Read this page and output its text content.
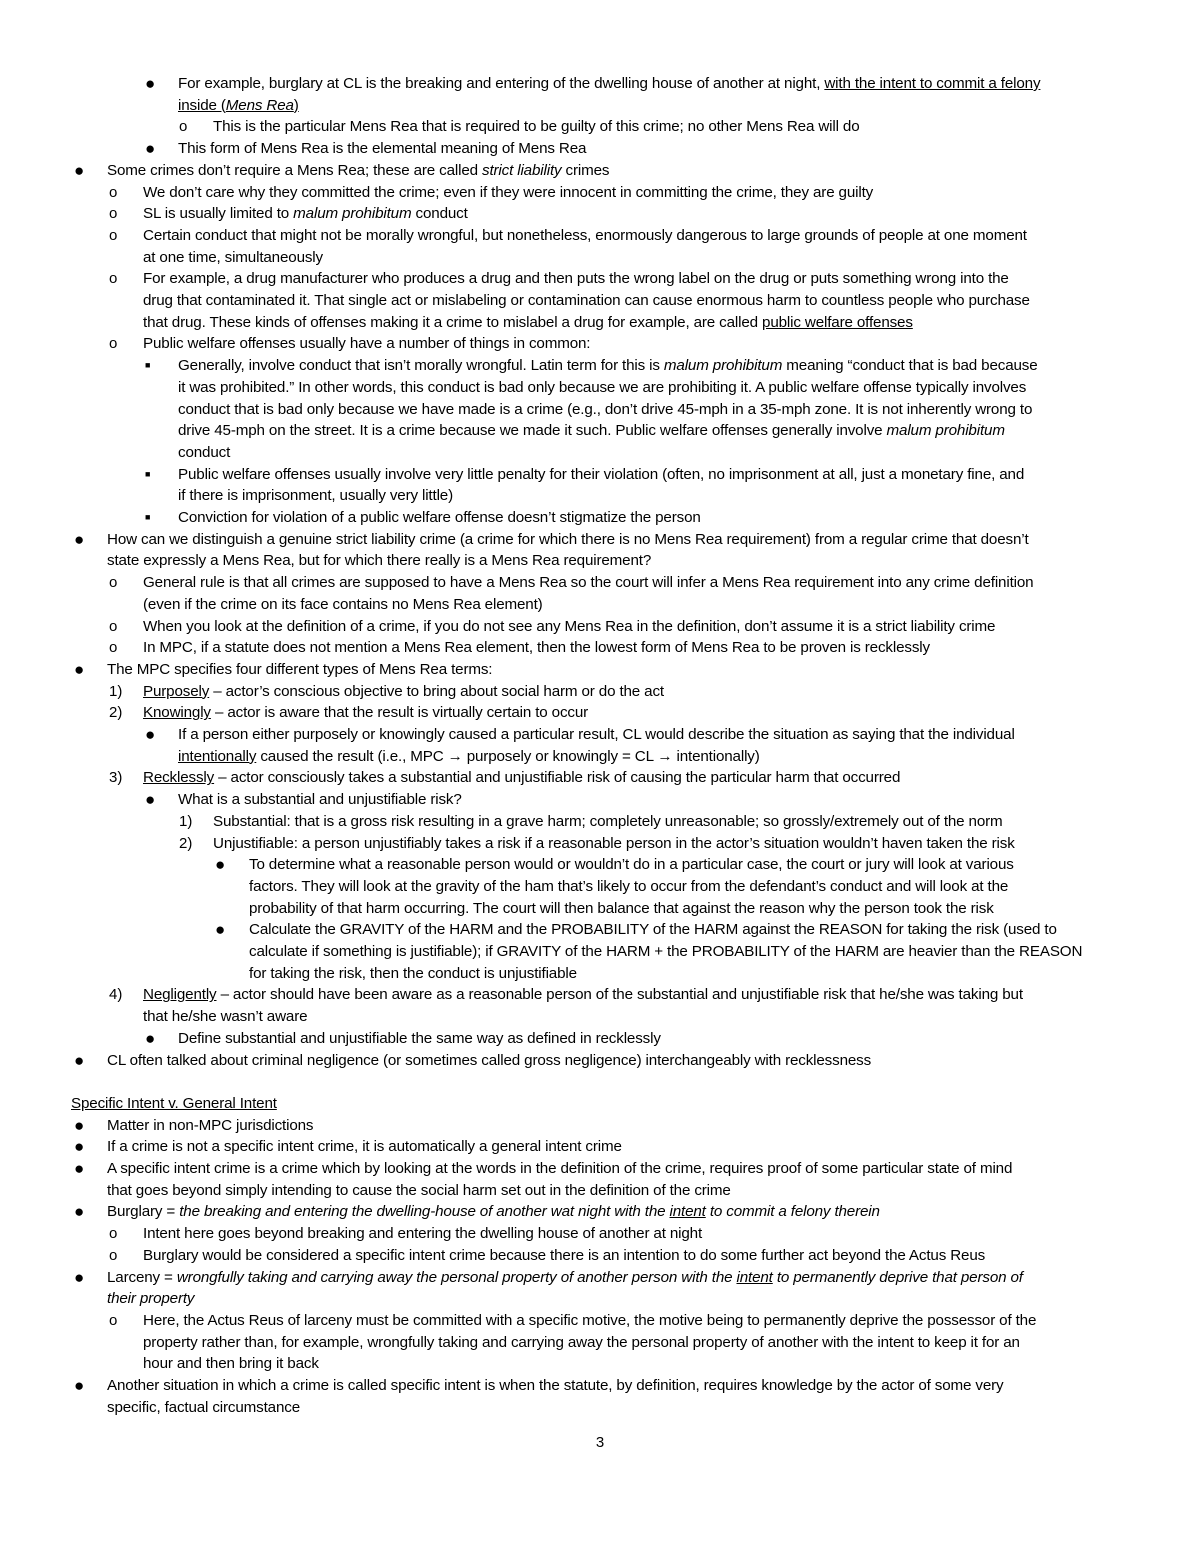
● For example, burglary at CL is the breaking and entering of the dwelling house of another at night, with the intent to commit a felony
inside (Mens Rea)
o This is the particular Mens Rea that is required to be guilty of this crime; no other Mens Rea will do
● This form of Mens Rea is the elemental meaning of Mens Rea
● Some crimes don’t require a Mens Rea; these are called strict liability crimes
o We don’t care why they committed the crime; even if they were innocent in committing the crime, they are guilty
o SL is usually limited to malum prohibitum conduct
o Certain conduct that might not be morally wrongful, but nonetheless, enormously dangerous to large grounds of people at one moment
at one time, simultaneously
o For example, a drug manufacturer who produces a drug and then puts the wrong label on the drug or puts something wrong into the
drug that contaminated it. That single act or mislabeling or contamination can cause enormous harm to countless people who purchase
that drug. These kinds of offenses making it a crime to mislabel a drug for example, are called public welfare offenses
o Public welfare offenses usually have a number of things in common:
■ Generally, involve conduct that isn’t morally wrongful. Latin term for this is malum prohibitum meaning “conduct that is bad because
it was prohibited.” In other words, this conduct is bad only because we are prohibiting it. A public welfare offense typically involves
conduct that is bad only because we have made is a crime (e.g., don’t drive 45-mph in a 35-mph zone. It is not inherently wrong to
drive 45-mph on the street. It is a crime because we made it such. Public welfare offenses generally involve malum prohibitum
conduct
■ Public welfare offenses usually involve very little penalty for their violation (often, no imprisonment at all, just a monetary fine, and
if there is imprisonment, usually very little)
■ Conviction for violation of a public welfare offense doesn’t stigmatize the person
● How can we distinguish a genuine strict liability crime (a crime for which there is no Mens Rea requirement) from a regular crime that doesn’t
state expressly a Mens Rea, but for which there really is a Mens Rea requirement?
o General rule is that all crimes are supposed to have a Mens Rea so the court will infer a Mens Rea requirement into any crime definition
(even if the crime on its face contains no Mens Rea element)
o When you look at the definition of a crime, if you do not see any Mens Rea in the definition, don’t assume it is a strict liability crime
o In MPC, if a statute does not mention a Mens Rea element, then the lowest form of Mens Rea to be proven is recklessly
● The MPC specifies four different types of Mens Rea terms:
1) Purposely – actor’s conscious objective to bring about social harm or do the act
2) Knowingly – actor is aware that the result is virtually certain to occur
● If a person either purposely or knowingly caused a particular result, CL would describe the situation as saying that the individual
intentionally caused the result (i.e., MPC → purposely or knowingly = CL → intentionally)
3) Recklessly – actor consciously takes a substantial and unjustifiable risk of causing the particular harm that occurred
● What is a substantial and unjustifiable risk?
1) Substantial: that is a gross risk resulting in a grave harm; completely unreasonable; so grossly/extremely out of the norm
2) Unjustifiable: a person unjustifiably takes a risk if a reasonable person in the actor’s situation wouldn’t haven taken the risk
● To determine what a reasonable person would or wouldn’t do in a particular case, the court or jury will look at various
factors. They will look at the gravity of the ham that’s likely to occur from the defendant’s conduct and will look at the
probability of that harm occurring. The court will then balance that against the reason why the person took the risk
● Calculate the GRAVITY of the HARM and the PROBABILITY of the HARM against the REASON for taking the risk (used to
calculate if something is justifiable); if GRAVITY of the HARM + the PROBABILITY of the HARM are heavier than the REASON
for taking the risk, then the conduct is unjustifiable
4) Negligently – actor should have been aware as a reasonable person of the substantial and unjustifiable risk that he/she was taking but
that he/she wasn’t aware
● Define substantial and unjustifiable the same way as defined in recklessly
● CL often talked about criminal negligence (or sometimes called gross negligence) interchangeably with recklessness
Specific Intent v. General Intent
● Matter in non-MPC jurisdictions
● If a crime is not a specific intent crime, it is automatically a general intent crime
● A specific intent crime is a crime which by looking at the words in the definition of the crime, requires proof of some particular state of mind
that goes beyond simply intending to cause the social harm set out in the definition of the crime
● Burglary = the breaking and entering the dwelling-house of another wat night with the intent to commit a felony therein
o Intent here goes beyond breaking and entering the dwelling house of another at night
o Burglary would be considered a specific intent crime because there is an intention to do some further act beyond the Actus Reus
● Larceny = wrongfully taking and carrying away the personal property of another person with the intent to permanently deprive that person of
their property
o Here, the Actus Reus of larceny must be committed with a specific motive, the motive being to permanently deprive the possessor of the
property rather than, for example, wrongfully taking and carrying away the personal property of another with the intent to keep it for an
hour and then bring it back
● Another situation in which a crime is called specific intent is when the statute, by definition, requires knowledge by the actor of some very
specific, factual circumstance
3
